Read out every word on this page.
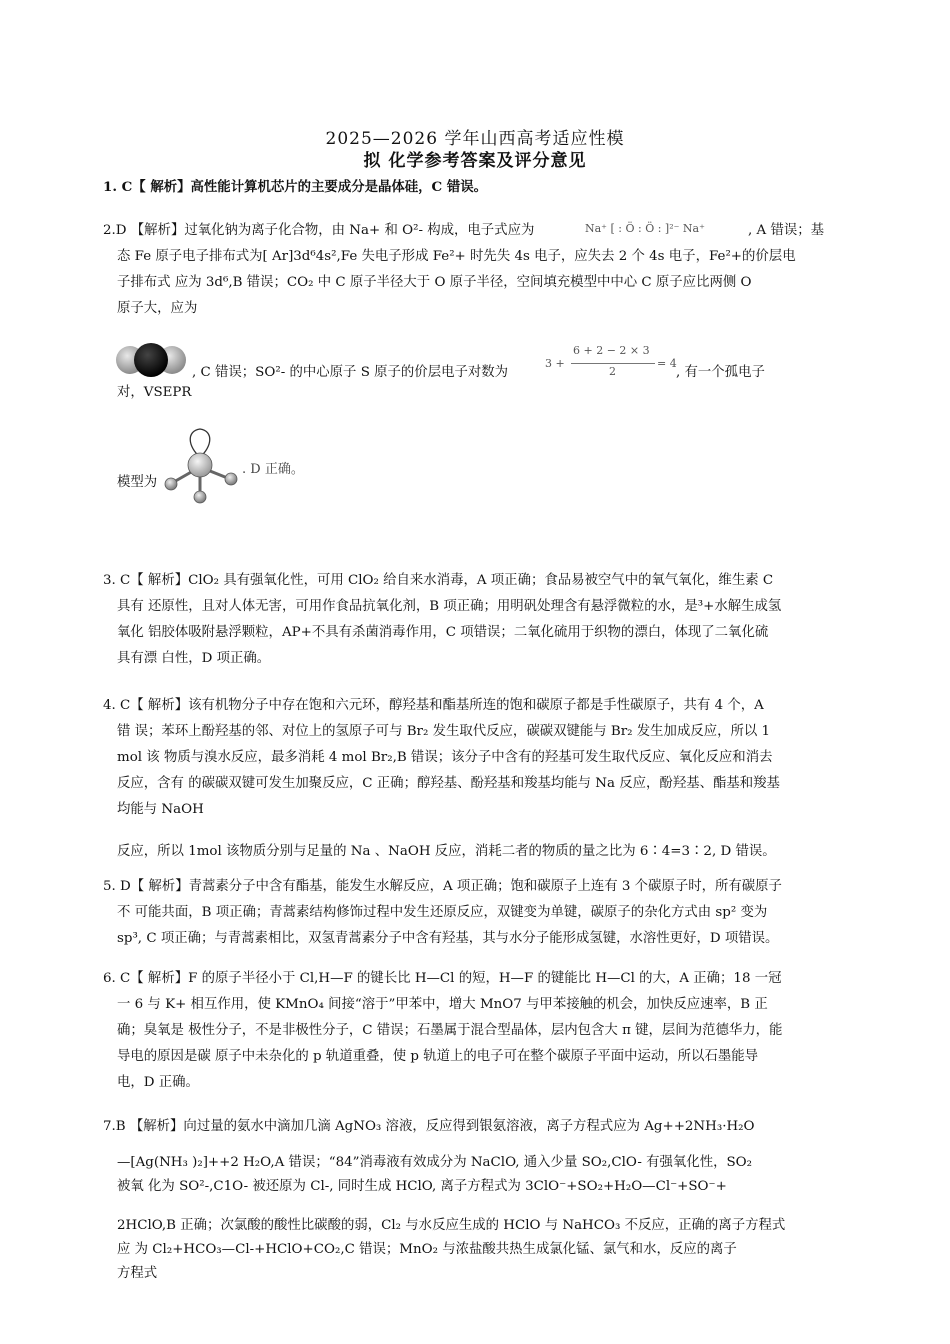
2025—2026 学年山西高考适应性模
拟 化学参考答案及评分意见
1. C【 解析】高性能计算机芯片的主要成分是晶体硅，C 错误。
2.D 【解析】过氧化钠为离子化合物，由 Na+ 和 O²- 构成，电子式应为	Na⁺ [ : Ö : Ö : ]²⁻ Na⁺	, A 错误；基
态 Fe 原子电子排布式为[ Ar]3d⁶4s²,Fe 失电子形成 Fe²+ 时先失 4s 电子，应失去 2 个 4s 电子，Fe²+的价层电
子排布式 应为 3d⁶,B 错误；CO₂ 中 C 原子半径大于 O 原子半径，空间填充模型中中心 C 原子应比两侧 O
原子大，应为
, C 错误；SO²- 的中心原子 S 原子的价层电子对数为
3 +
6 + 2 − 2 × 3
2
= 4
, 有一个孤电子
对，VSEPR
模型为
. D 正确。
3. C【 解析】ClO₂ 具有强氧化性，可用 ClO₂ 给自来水消毒，A 项正确；食品易被空气中的氧气氧化，维生素 C
具有 还原性，且对人体无害，可用作食品抗氧化剂，B 项正确；用明矾处理含有悬浮微粒的水，是³+水解生成氢
氧化 铝胶体吸附悬浮颗粒，AP+不具有杀菌消毒作用，C 项错误；二氧化硫用于织物的漂白，体现了二氧化硫
具有漂 白性，D 项正确。
4. C【 解析】该有机物分子中存在饱和六元环，醇羟基和酯基所连的饱和碳原子都是手性碳原子，共有 4 个，A
错 误；苯环上酚羟基的邻、对位上的氢原子可与 Br₂ 发生取代反应，碳碳双键能与 Br₂ 发生加成反应，所以 1
mol 该 物质与溴水反应，最多消耗 4 mol Br₂,B 错误；该分子中含有的羟基可发生取代反应、氧化反应和消去
反应，含有 的碳碳双键可发生加聚反应，C 正确；醇羟基、酚羟基和羧基均能与 Na 反应，酚羟基、酯基和羧基
均能与 NaOH
反应，所以 1mol 该物质分别与足量的 Na 、NaOH 反应，消耗二者的物质的量之比为 6∶4=3∶2, D 错误。
5. D【 解析】青蒿素分子中含有酯基，能发生水解反应，A 项正确；饱和碳原子上连有 3 个碳原子时，所有碳原子
不 可能共面，B 项正确；青蒿素结构修饰过程中发生还原反应，双键变为单键，碳原子的杂化方式由 sp² 变为
sp³, C 项正确；与青蒿素相比，双氢青蒿素分子中含有羟基，其与水分子能形成氢键，水溶性更好，D 项错误。
6. C【 解析】F 的原子半径小于 Cl,H—F 的键长比 H—Cl 的短，H—F 的键能比 H—Cl 的大，A 正确；18 一冠
一 6 与 K+ 相互作用，使 KMnO₄ 间接“溶于”甲苯中，增大 MnO7 与甲苯接触的机会，加快反应速率，B 正
确；臭氧是 极性分子，不是非极性分子，C 错误；石墨属于混合型晶体，层内包含大 π 键，层间为范德华力，能
导电的原因是碳 原子中未杂化的 p 轨道重叠，使 p 轨道上的电子可在整个碳原子平面中运动，所以石墨能导
电，D 正确。
7.B 【解析】向过量的氨水中滴加几滴 AgNO₃ 溶液，反应得到银氨溶液，离子方程式应为 Ag++2NH₃·H₂O
—[Ag(NH₃ )₂]++2 H₂O,A 错误；“84”消毒液有效成分为 NaClO, 通入少量 SO₂,ClO- 有强氧化性，SO₂
被氧 化为 SO²-,C1O- 被还原为 Cl-, 同时生成 HClO, 离子方程式为 3ClO⁻+SO₂+H₂O—Cl⁻+SO⁻+
2HClO,B 正确；次氯酸的酸性比碳酸的弱，Cl₂ 与水反应生成的 HClO 与 NaHCO₃ 不反应，正确的离子方程式
应 为 Cl₂+HCO₃—Cl-+HClO+CO₂,C 错误；MnO₂ 与浓盐酸共热生成氯化锰、氯气和水，反应的离子
方程式
